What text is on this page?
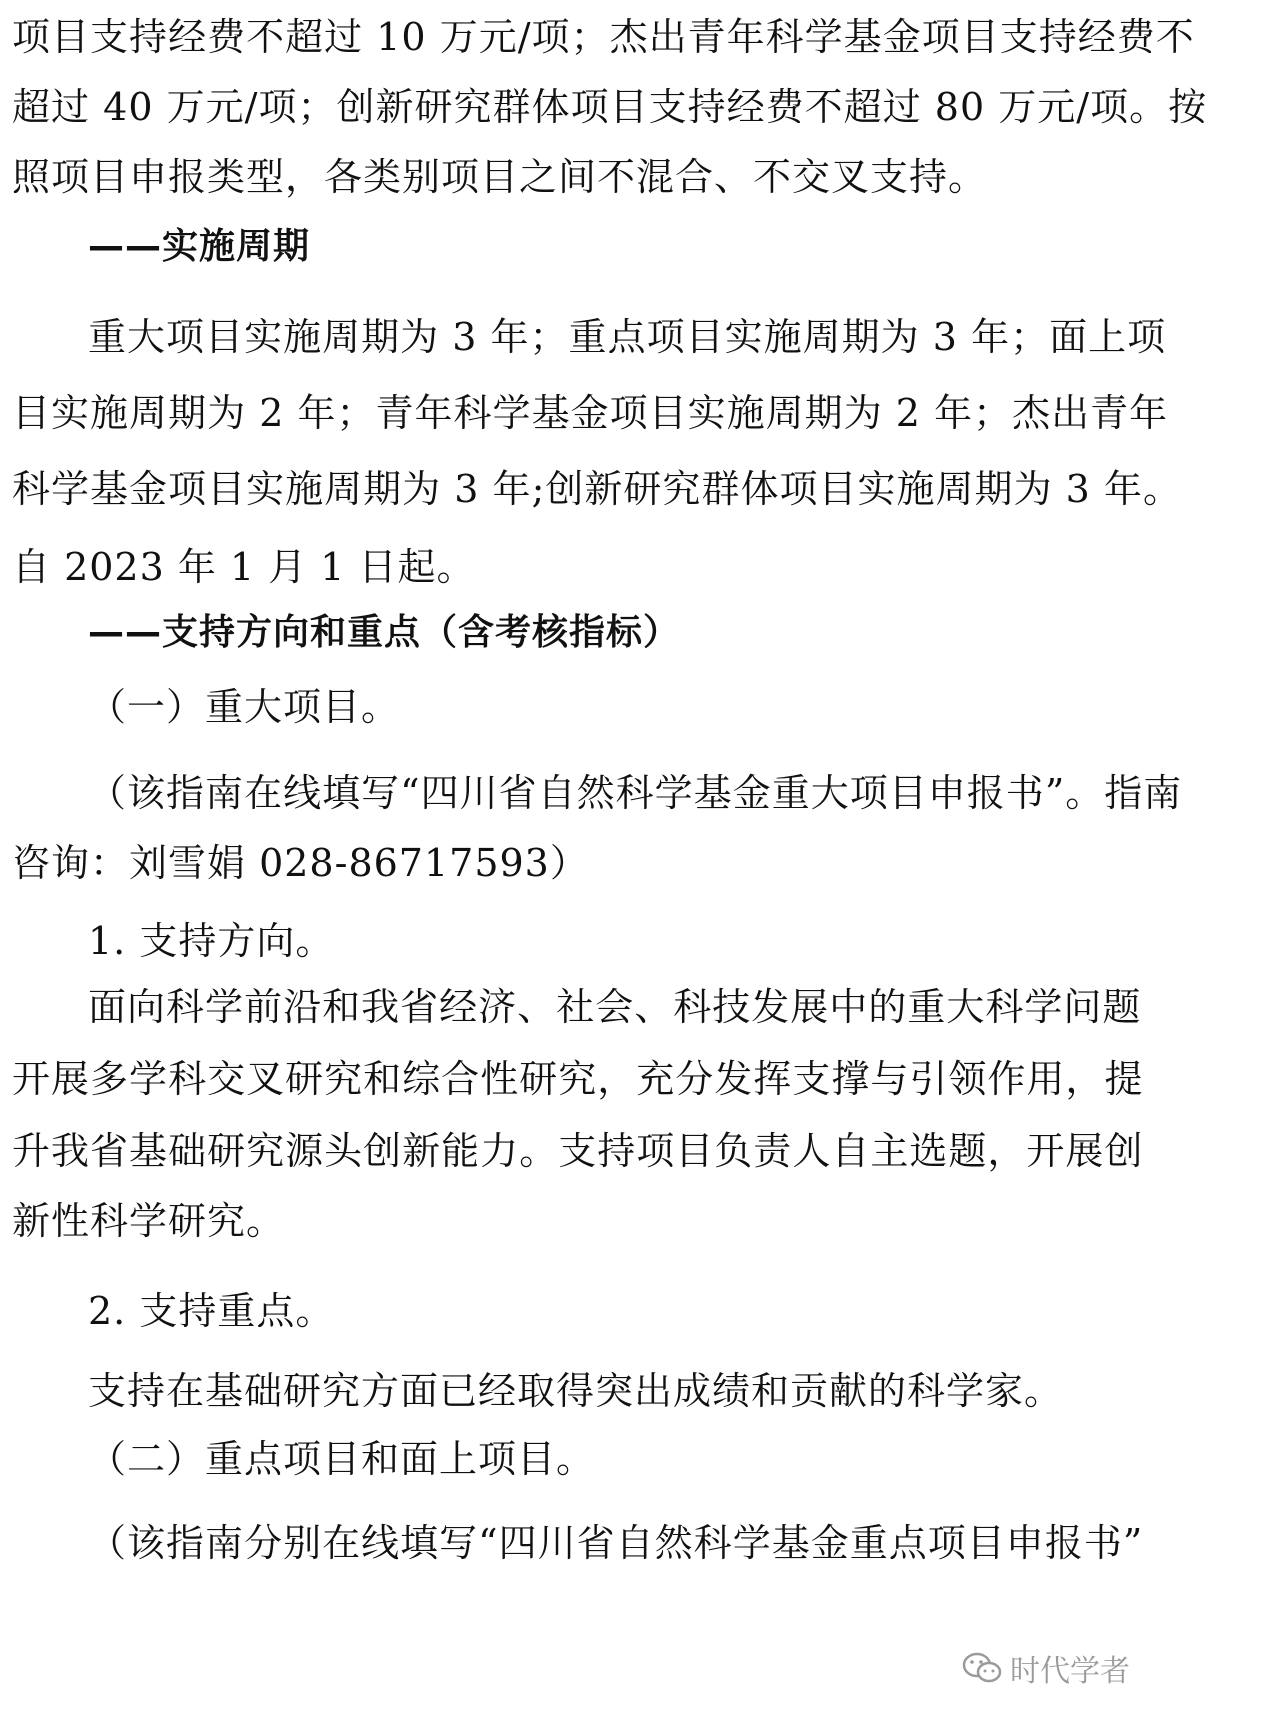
项 目 支 持 经 费 不 超 过
1 0
万 元 / 项 ； 杰 出 青 年 科 学 基 金 项 目 支 持 经 费 不
超 过
4 0
万 元 / 项 ； 创 新 研 究 群 体 项 目 支 持 经 费 不 超 过
8 0
万 元 / 项 。 按
照项目申报类型，各类别项目之间不混合、不交叉支持。
——实施周期
重 大 项 目 实 施 周 期 为
3
年 ； 重 点 项 目 实 施 周 期 为
3
年 ； 面 上 项
目 实 施 周 期 为
2
年 ； 青 年 科 学 基 金 项 目 实 施 周 期 为
2
年 ； 杰 出 青 年
科 学 基 金 项 目 实 施 周 期 为
3
年 ; 创 新 研 究 群 体 项 目 实 施 周 期 为
3
年 。
自 2023 年 1 月 1 日起。
——支持方向和重点（含考核指标）
（一）重大项目。
（ 该 指 南 在 线 填 写 “ 四 川 省 自 然 科 学 基 金 重 大 项 目 申 报 书 ” 。 指 南
咨询：刘雪娟 028-86717593）
1. 支持方向。
面 向 科 学 前 沿 和 我 省 经 济 、 社 会 、 科 技 发 展 中 的 重 大 科 学 问 题
开 展 多 学 科 交 叉 研 究 和 综 合 性 研 究 ， 充 分 发 挥 支 撑 与 引 领 作 用 ， 提
升 我 省 基 础 研 究 源 头 创 新 能 力 。 支 持 项 目 负 责 人 自 主 选 题 ， 开 展 创
新性科学研究。
2. 支持重点。
支持在基础研究方面已经取得突出成绩和贡献的科学家。
（二）重点项目和面上项目。
（ 该 指 南 分 别 在 线 填 写 “ 四 川 省 自 然 科 学 基 金 重 点 项 目 申 报 书 ”
时代学者
